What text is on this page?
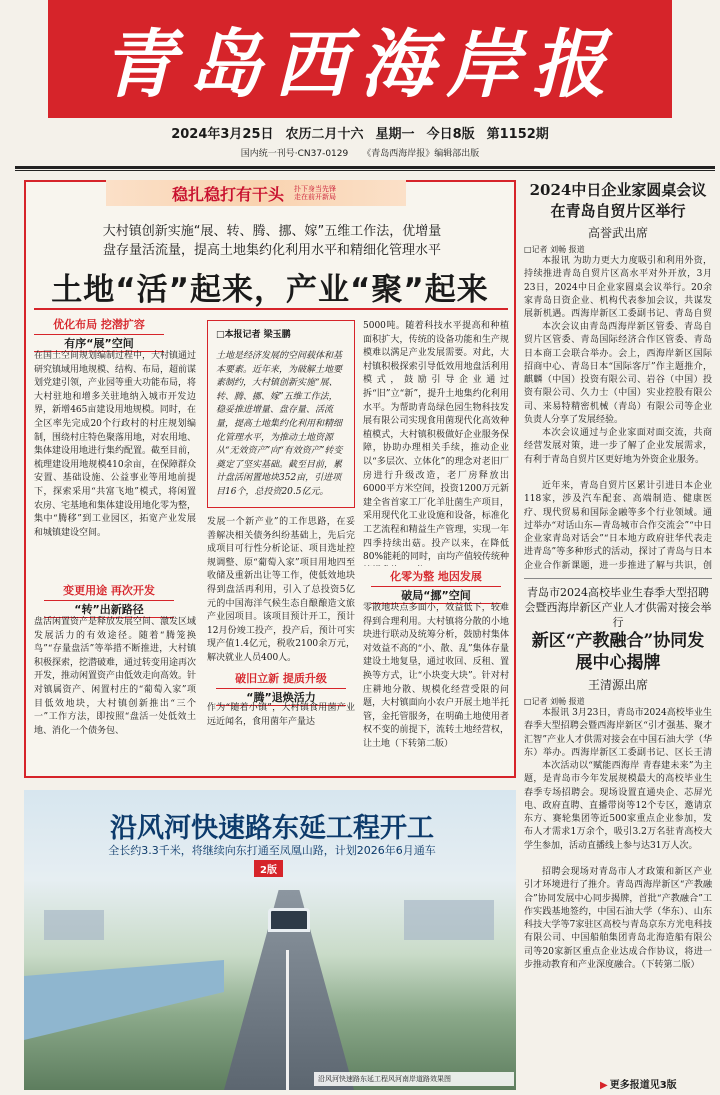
青岛西海岸报
2024年3月25日 农历二月十六 星期一 今日8版 第1152期
国内统一刊号·CN37-0129 《青岛西海岸报》编辑部出版
稳扎稳打有干头 扑下身当先锋 走在前开新局
大村镇创新实施“展、转、腾、挪、嫁”五维工作法，优增量
盘存量活流量，提高土地集约化利用水平和精细化管理水平
土地“活”起来，产业“聚”起来
优化布局 挖潜扩容
有序“展”空间
在国土空间规划编制过程中，大村镇通过研究镇域用地规模、结构、布局，超前谋划党建引领，产业园等重大功能布局，将大村驻地和增多关驻地纳入城市开发边界，新增465亩建设用地规模。同时，在全区率先完成20个行政村的村庄规划编制，围绕村庄特色聚落用地，对农用地、集体建设用地进行集约配置。截至目前，梳理建设用地规模410余亩，在保障群众安置、基础设施、公益事业等用地前提下，探索采用“共富飞地”模式，将闲置农房、宅基地和集体建设用地化零为整，集中“腾移”到工业园区，拓宽产业发展和城镇建设空间。
变更用途 再次开发
“转”出新路径
盘活闲置资产是释放发展空间、激发区域发展活力的有效途径。随着“腾笼换鸟”“存量盘活”等举措不断推进，大村镇积极探索，挖潜破难，通过转变用途再次开发，推动闲置资产由低效走向高效。针对镇属资产、闲置村庄的“葡萄入家”项目低效地块，大村镇创新推出“三个一”工作方法，即按照“盘活一处低效土地、消化一个债务包、
□本报记者 梁玉鹏
土地是经济发展的空间载体和基本要素。近年来，为破解土地要素制约，大村镇创新实施“展、转、腾、挪、嫁”五维工作法，稳妥推进增量、盘存量、活流量，提高土地集约化利用和精细化管理水平，为推动土地资源从“无效资产”向“有效资产”转变奠定了坚实基础。截至目前，累计盘活闲置地块352亩，引进项目16个，总投资20.5亿元。
发展一个新产业”的工作思路，在妥善解决相关债务纠纷基础上，先后完成项目可行性分析论证、项目选址控规调整、原“葡萄入家”项目用地四至收储及重新出让等工作，使低效地块得到盘活再利用，引入了总投资5亿元的中国海洋气候生态自酿酿造文旅产业园项目。该项目预计开工，预计12月份竣工投产，投产后，预计可实现产值1.4亿元，税收2100余万元，解决就业人员400人。
破旧立新 提质升级
“腾”退焕活力
作为“随着小镇”，大村镇食用菌产业远近闻名，食用菌年产量达
5000吨。随着科技水平提高和种植面积扩大，传统的设备功能和生产规模难以满足产业发展需要。对此，大村镇积极探索引导低效用地盘活利用模式，鼓励引导企业通过拆“旧”立“新”，提升土地集约化利用水平。为帮助青岛绿色园生物科技发展有限公司实现食用菌现代化高效种植模式，大村镇积极做好企业服务保障，协助办理相关手续，推动企业以“多层次、立体化”的理念对老旧厂房进行升级改造，老厂房释放出6000平方米空间，投资1200万元新建全省首家工厂化羊肚菌生产项目，采用现代化工业设施和设备，标准化工艺流程和精益生产管理，实现一年四季持续出菇。投产以来，在降低80%能耗的同时，亩均产值较传统种
化零为整 地因发展
破局“挪”空间
零散地块点多面小，效益低下，较难得到合理利用。大村镇将分散的小地块进行联动及统筹分析，鼓励村集体对效益不高的“小、散、乱”集体存量建设土地复垦，通过收回、反租、置换等方式，让“小块变大块”。针对村庄耕地分散、规模化经营受限的问题，大村镇面向小农户开展土地半托管，金托管服务，在明确土地使用者权不变的前提下，流转土地经营权，让土地（下转第二版）
沿风河快速路东延工程开工
全长约3.3千米，将继续向东打通至凤凰山路，计划2026年6月通车
2版
沿风河快速路东延工程风河南岸道路效果图
2024中日企业家圆桌会议在青岛自贸片区举行
高誉武出席
□记者 刘畅 报道
本报讯 为助力更大力度吸引和利用外资，持续推进青岛自贸片区高水平对外开放，3月23日，2024中日企业家圆桌会议举行。20余家青岛日资企业、机构代表参加会议，共谋发展新机遇。西海岸新区工委副书记、青岛自贸
本次会议由青岛西海岸新区管委、青岛自贸片区管委、青岛国际经济合作区管委、青岛日本商工会联合举办。会上，西海岸新区国际招商中心、青岛日本“国际客厅”作主题推介，麒麟（中国）投资有限公司、岩谷（中国）投资有限公司、久力士（中国）实业控股有限公司、来易特精密机械（青岛）有限公司等企业负责人分享了发展经验。
本次会议通过与企业家面对面交流，共商经营发展对策，进一步了解了企业发展需求，有利于青岛自贸片区更好地为外资企业服务。
近年来，青岛自贸片区累计引进日本企业118家，涉及汽车配套、高端制造、健康医疗、现代贸易和国际金融等多个行业领域。通过举办“对话山东—青岛城市合作交流会”“中日企业家青岛对话会”“日本地方政府驻华代表走进青岛”等多种形式的活动，探讨了青岛与日本企业合作新课题，进一步推进了解与共识，创
青岛市2024高校毕业生春季大型招聘会暨西海岸新区产业人才供需对接会举行
新区“产教融合”协同发展中心揭牌
王清源出席
□记者 刘畅 报道
本报讯 3月23日，青岛市2024高校毕业生春季大型招聘会暨西海岸新区“引才强基、聚才汇智”产业人才供需对接会在中国石油大学（华东）举办。西海岸新区工委副书记、区长王清
本次活动以“赋能西海岸 青春建未来”为主题，是青岛市今年发展规模最大的高校毕业生春季专场招聘会。现场设置直通央企、芯屏光电、政府直聘、直播带岗等12个专区，邀请京东方、赛轮集团等近500家重点企业参加，发布人才需求1万余个，吸引3.2万名驻青高校大学生参加，活动直播线上参与达31万人次。
招聘会现场对青岛市人才政策和新区产业引才环境进行了推介。青岛西海岸新区“产教融合”协同发展中心同步揭牌，首批“产教融合”工作实践基地签约，中国石油大学（华东）、山东科技大学等7家驻区高校与青岛京东方光电科技有限公司、中国船舶集团青岛北海造船有限公司等20家新区重点企业达成合作协议，将进一步推动教育和产业深度融合。（下转第二版）
▶ 更多报道见3版
